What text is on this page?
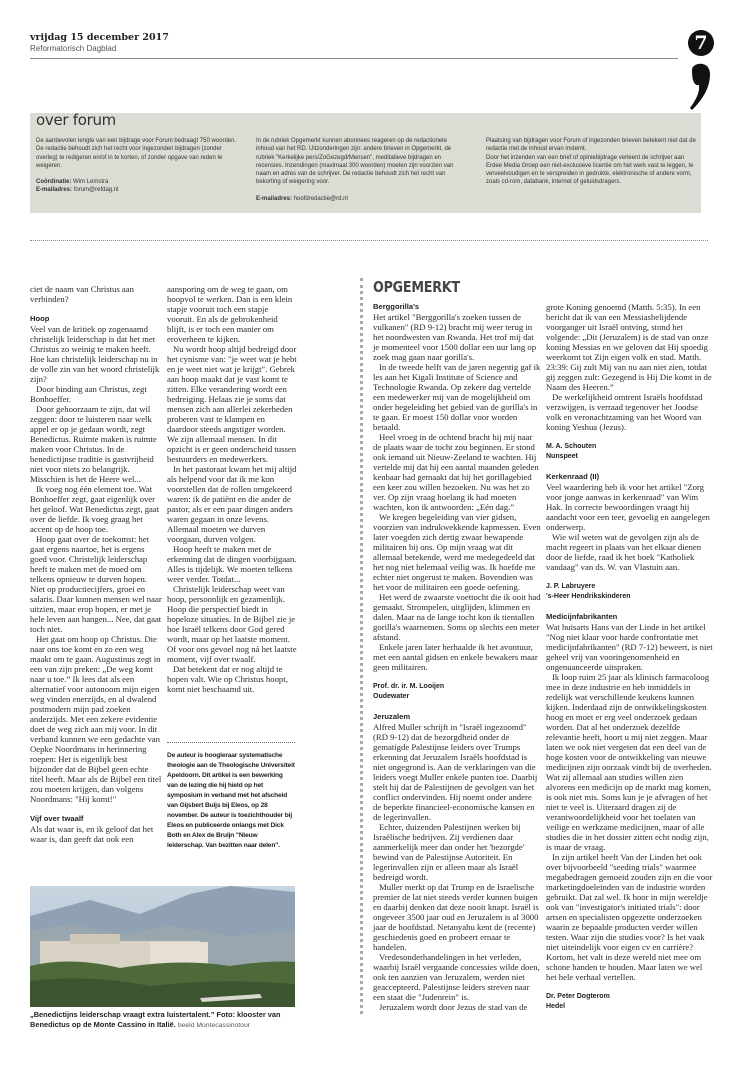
vrijdag 15 december 2017
Reformatorisch Dagblad	7
over forum

De aanbevolen lengte van een bijdrage voor Forum bedraagt 750 woorden. De redactie behoudt zich het recht voor ingezonden bijdragen (zonder overleg) te redigeren en/of in te korten, of zonder opgave van reden te weigeren.

Coördinatie: Wim Lemstra

E-mailadres: forum@refdag.nl

In de rubriek Opgemerkt kunnen abonnees reageren op de redactionele inhoud van het RD. Uitzonderingen zijn: andere brieven in Opgemerkt, de rubriek "Kerkelijke pers/ZoGezegd/Mensen", meditatieve bijdragen en recensies. Inzendingen (maximaal 300 woorden) moeten zijn voorzien van naam en adres van de schrijver. De redactie behoudt zich het recht van bekorting of weigering voor.

E-mailadres: hoofdredactie@rd.nl

Plaatsing van bijdragen voor Forum of ingezonden brieven betekent niet dat de redactie met de inhoud ervan instemt.

Door het inzenden van een brief of opiniebijdrage verleent de schrijver aan Erdee Media Groep een niet-exclusieve licentie om het werk vast te leggen, te verveelvoudigen en te verspreiden in gedrukte, elektronische of andere vorm, zoals cd-rom, databank, internet of geluidsdragers.

ciet de naam van Christus aan verbinden?

Hoop

Veel van de kritiek op zogenaamd christelijk leiderschap is dat het met Christus zo weinig te maken heeft. Hoe kan christelijk leiderschap nu in de volle zin van het woord christelijk zijn?

Door binding aan Christus, zegt Bonhoeffer.

Door gehoorzaam te zijn, dat wil zeggen: door te luisteren naar welk appel er op je gedaan wordt, zegt Benedictus. Ruimte maken is ruimte maken voor Christus. In de benedictijnse traditie is gastvrijheid niet voor niets zo belangrijk. Misschien is het de Heere wel...

Ik voeg nog één element toe. Wat Bonhoeffer zegt, gaat eigenlijk over het geloof. Wat Benedictus zegt, gaat over de liefde. Ik voeg graag het accent op de hoop toe.

Hoop gaat over de toekomst: het gaat ergens naartoe, het is ergens goed voor. Christelijk leiderschap heeft te maken met de moed om telkens opnieuw te durven hopen. Niet op productiecijfers, groei en salaris. Daar kunnen mensen wel naar uitzien, maar erop hopen, er met je hele leven aan hangen... Nee, dat gaat toch niet.

Het gaat om hoop op Christus. Die naar ons toe komt en zo een weg maakt om te gaan. Augustinus zegt in een van zijn preken: „De weg komt naar u toe.” Ik lees dat als een alternatief voor autonoom mijn eigen weg vinden enerzijds, en al dwalend postmodern mijn pad zoeken anderzijds. Met een zekere evidentie doet de weg zich aan mij voor. In dit verband kunnen we een gedachte van Oepke Noordmans in herinnering roepen: Het is eigenlijk best bijzonder dat de Bijbel geen echte titel heeft. Maar als de Bijbel een titel zou moeten krijgen, dan volgens Noordmans: "Hij komt!"

Vijf over twaalf

Als dat waar is, en ik geloof dat het waar is, dan geeft dat ook een

aansporing om de weg te gaan, om hoopvol te werken. Dan is een klein stapje vooruit toch een stapje vooruit. En als de gebrokenheid blijft, is er toch een manier om eroverheen te kijken.

Nu wordt hoop altijd bedreigd door het cynisme van: "je weet wat je hebt en je weet niet wat je krijgt". Gebrek aan hoop maakt dat je vast komt te zitten. Elke verandering wordt een bedreiging. Helaas zie je soms dat mensen zich aan allerlei zekerheden proberen vast te klampen en daardoor steeds angstiger worden. We zijn allemaal mensen. In dit opzicht is er geen onderscheid tussen bestuurders en medewerkers.

In het pastoraat kwam het mij altijd als helpend voor dat ik me kon voorstellen dat de rollen omgekeerd waren: ik de patiënt en die ander de pastor, als er een paar dingen anders waren gegaan in onze levens. Allemaal moeten we durven voorgaan, durven volgen.

Hoop heeft te maken met de erkenning dat de dingen voorbijgaan. Alles is tijdelijk. We moeten telkens weer verder. Totdat...

Christelijk leiderschap weet van hoop, persoonlijk en gezamenlijk. Hoop die perspectief biedt in hopeloze situaties. In de Bijbel zie je hoe Israël telkens door God gered wordt, maar op het laatste moment. Of voor ons gevoel nog ná het laatste moment, vijf over twaalf.

Dat betekent dat er nog altijd te hopen valt. Wie op Christus hoopt, komt niet beschaamd uit.

De auteur is hoogleraar systematische theologie aan de Theologische Universiteit Apeldoorn. Dit artikel is een bewerking van de lezing die hij hield op het symposium in verband met het afscheid van Gijsbert Buijs bij Eleos, op 28 november. De auteur is toezichthouder bij Eleos en publiceerde onlangs met Dick Both en Alex de Bruijn "Nieuw leiderschap. Van bezitten naar delen".
„Benedictijns leiderschap vraagt extra luistertalent.” Foto: klooster van Benedictus op de Monte Cassino in Italië. beeld Montecassinotour
OPGEMERKT
Berggorilla's

Het artikel "Berggorilla's zoeken tussen de vulkanen" (RD 9-12) bracht mij weer terug in het noordwesten van Rwanda. Het trof mij dat je momenteel voor 1500 dollar een uur lang op zoek mag gaan naar gorilla's.

In de tweede helft van de jaren negentig gaf ik les aan het Kigali Institute of Science and Technologie Rwanda. Op zekere dag vertelde een medewerker mij van de mogelijkheid om onder begeleiding het gebied van de gorilla's in te gaan. Er moest 150 dollar voor worden betaald.

Heel vroeg in de ochtend bracht hij mij naar de plaats waar de tocht zou beginnen. Er stond ook iemand uit Nieuw-Zeeland te wachten. Hij vertelde mij dat hij een aantal maanden geleden kenbaar had gemaakt dat hij het gorillagebied een keer zou willen bezoeken. Nu was het zo ver. Op zijn vraag hoelang ik had moeten wachten, kon ik antwoorden: „Eén dag.”

We kregen begeleiding van vier gidsen, voorzien van indrukwekkende kapmessen. Even later voegden zich dertig zwaar bewapende militairen bij ons. Op mijn vraag wat dit allemaal betekende, werd me medegedeeld dat het nog niet helemaal veilig was. Ik hoefde me echter niet ongerust te maken. Bovendien was het voor de militairen een goede oefening.

Het werd de zwaarste voettocht die ik ooit had gemaakt. Strompelen, uitglijden, klimmen en dalen. Maar na de lange tocht kon ik tientallen gorilla's waarnemen. Soms op slechts een meter afstand.

Enkele jaren later herhaalde ik het avontuur, met een aantal gidsen en enkele bewakers maar geen militairen.

Prof. dr. ir. M. Looijen

Oudewater

Jeruzalem

Alfred Muller schrijft in "Israël ingezoomd" (RD 9-12) dat de bezorgdheid onder de gematigde Palestijnse leiders over Trumps erkenning dat Jeruzalem Israëls hoofdstad is niet ongegrond is. Aan de verklaringen van die leiders voegt Muller enkele punten toe. Daarbij stelt hij dat de Palestijnen de gevolgen van het conflict ondervinden. Hij noemt onder andere de beperkte financieel-economische kansen en de legerinvallen.

Echter, duizenden Palestijnen werken bij Israëlische bedrijven. Zij verdienen daar aanmerkelijk meer dan onder het 'bezorgde' bewind van de Palestijnse Autoriteit. En legerinvallen zijn er alleen maar als Israël bedreigd wordt.

Muller merkt op dat Trump en de Israelische premier de lat niet steeds verder kunnen buigen en daarbij denken dat deze nooit knapt. Israël is ongeveer 3500 jaar oud en Jeruzalem is al 3000 jaar de hoofdstad. Netanyahu kent de (recente) geschiedenis goed en probeert ernaar te handelen.

Vredesonderhandelingen in het verleden, waarbij Israël vergaande concessies wilde doen, ook ten aanzien van Jeruzalem, werden niet geaccepteerd. Palestijnse leiders streven naar een staat die "Judenrein" is.

Jeruzalem wordt door Jezus de stad van de

grote Koning genoemd (Matth. 5:35). In een bericht dat ik van een Messiasbelijdende voorganger uit Israël ontving, stond het volgende: „Dit (Jeruzalem) is de stad van onze koning Messias en we geloven dat Hij spoedig weerkomt tot Zijn eigen volk en stad. Matth. 23:39: Gij zult Mij van nu aan niet zien, totdat gij zeggen zult: Gezegend is Hij Die komt in de Naam des Heeren.”

De werkelijkheid omtrent Israëls hoofdstad verzwijgen, is verraad tegenover het Joodse volk en veronachtzaming van het Woord van koning Yeshua (Jezus).

M. A. Schouten

Nunspeet

Kerkenraad (II)

Veel waardering heb ik voor het artikel "Zorg voor jonge aanwas in kerkenraad" van Wim Hak. In correcte bewoordingen vraagt hij aandacht voor een teer, gevoelig en aangelegen onderwerp.

Wie wil weten wat de gevolgen zijn als de macht regeert in plaats van het elkaar dienen door de liefde, raad ik het boek "Katholiek vandaag" van ds. W. van Vlastuin aan.

J. P. Labruyere

's-Heer Hendrikskinderen

Medicijnfabrikanten

Wat huisarts Hans van der Linde in het artikel "Nog niet klaar voor harde confrontatie met medicijnfabrikanten" (RD 7-12) beweert, is niet geheel vrij van vooringenomenheid en ongenuanceerde uitspraken.

Ik loop ruim 25 jaar als klinisch farmacoloog mee in deze industrie en heb inmiddels in redelijk wat verschillende keukens kunnen kijken. Inderdaad zijn de ontwikkelingskosten hoog en moet er erg veel onderzoek gedaan worden. Dat al het onderzoek dezelfde relevantie heeft, hoort u mij niet zeggen. Maar laten we ook niet vergeten dat een deel van de hoge kosten voor de ontwikkeling van nieuwe medicijnen zijn oorzaak vindt bij de overheden. Wat zij allemaal aan studies willen zien alvorens een medicijn op de markt mag komen, is ook niet mis. Soms kun je je afvragen of het niet te veel is. Uiteraard dragen zij de verantwoordelijkheid voor het toelaten van veilige en werkzame medicijnen, maar of alle studies die in het dossier zitten echt nodig zijn, is maar de vraag.

In zijn artikel heeft Van der Linden het ook over bijvoorbeeld "seeding trials" waarmee megabedragen gemoeid zouden zijn en die voor marketingdoeleinden van de industrie worden gebruikt. Dat zal wel. Ik hoor in mijn wereldje ook van "investigator's initiated trials": door artsen en specialisten opgezette onderzoeken waarin ze bepaalde producten verder willen testen. Waar zijn die studies voor? Is het vaak niet uiteindelijk voor eigen cv en carrière? Kortom, het valt in deze wereld niet mee om schone handen te houden. Maar laten we wel het hele verhaal vertellen.

Dr. Peter Dogterom

Hedel
